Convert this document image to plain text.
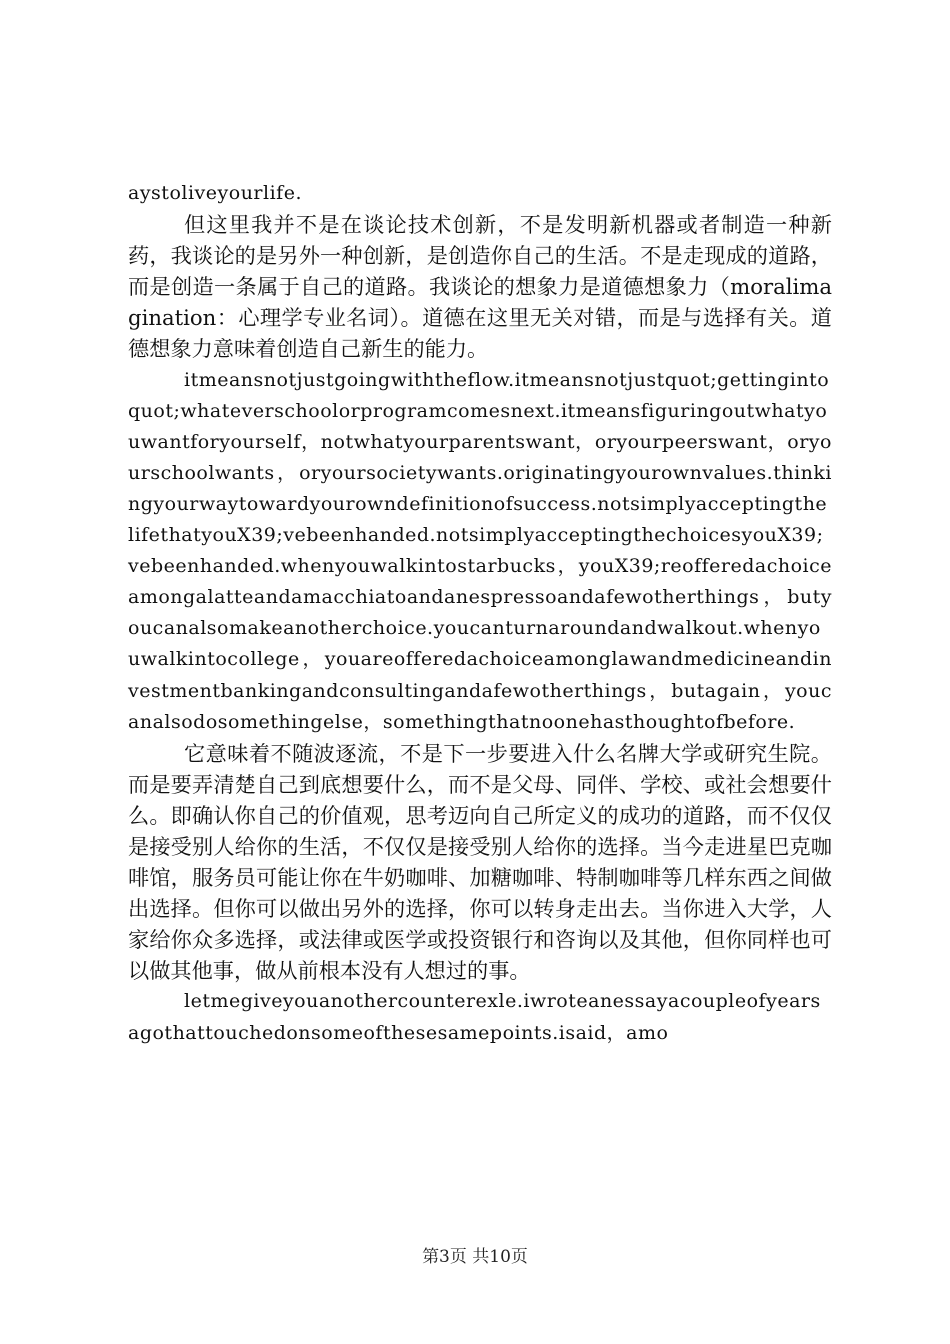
aystoliveyourlife.

但这里我并不是在谈论技术创新，不是发明新机器或者制造一种新药，我谈论的是另外一种创新，是创造你自己的生活。不是走现成的道路，而是创造一条属于自己的道路。我谈论的想象力是道德想象力（moralimagination：心理学专业名词）。道德在这里无关对错，而是与选择有关。道德想象力意味着创造自己新生的能力。

itmeansnotjustgoingwiththeflow.itmeansnotjustquot;gettingintoquot;whateverschoolorprogramcomesnext.itmeansfiguringoutwhatyouwantforyourself，notwhatyourparentswant，oryourpeerswant，oryourschoolwants，oryoursocietywants.originatingyourownvalues.thinkingyourwaytowardyourowndefinitionofsuccess.notsimplyacceptingthelifethatyouX39;vebeenhanded.notsimplyacceptingthechoicesyouX39;vebeenhanded.whenyouwalkintostarbucks，youX39;reofferedachoiceamongalatteandamacchiatoandanespressoandafewotherthings，butyoucanalsomakeanotherchoice.youcanturnaroundandwalkout.whenyouwalkintocollege，youareofferedachoiceamonglawandmedicineandinvestmentbankingandconsultingandafewotherthings，butagain，youcanalsodosomethingelse，somethingthatnoonehasthoughtofbefore.

它意味着不随波逐流，不是下一步要进入什么名牌大学或研究生院。而是要弄清楚自己到底想要什么，而不是父母、同伴、学校、或社会想要什么。即确认你自己的价值观，思考迈向自己所定义的成功的道路，而不仅仅是接受别人给你的生活，不仅仅是接受别人给你的选择。当今走进星巴克咖啡馆，服务员可能让你在牛奶咖啡、加糖咖啡、特制咖啡等几样东西之间做出选择。但你可以做出另外的选择，你可以转身走出去。当你进入大学，人家给你众多选择，或法律或医学或投资银行和咨询以及其他，但你同样也可以做其他事，做从前根本没有人想过的事。

letmegiveyouanothercounterexle.iwroteanessayacoupleofyearsagothattouchedonsomeofthesesamepoints.isaid，amo

第3页 共10页
